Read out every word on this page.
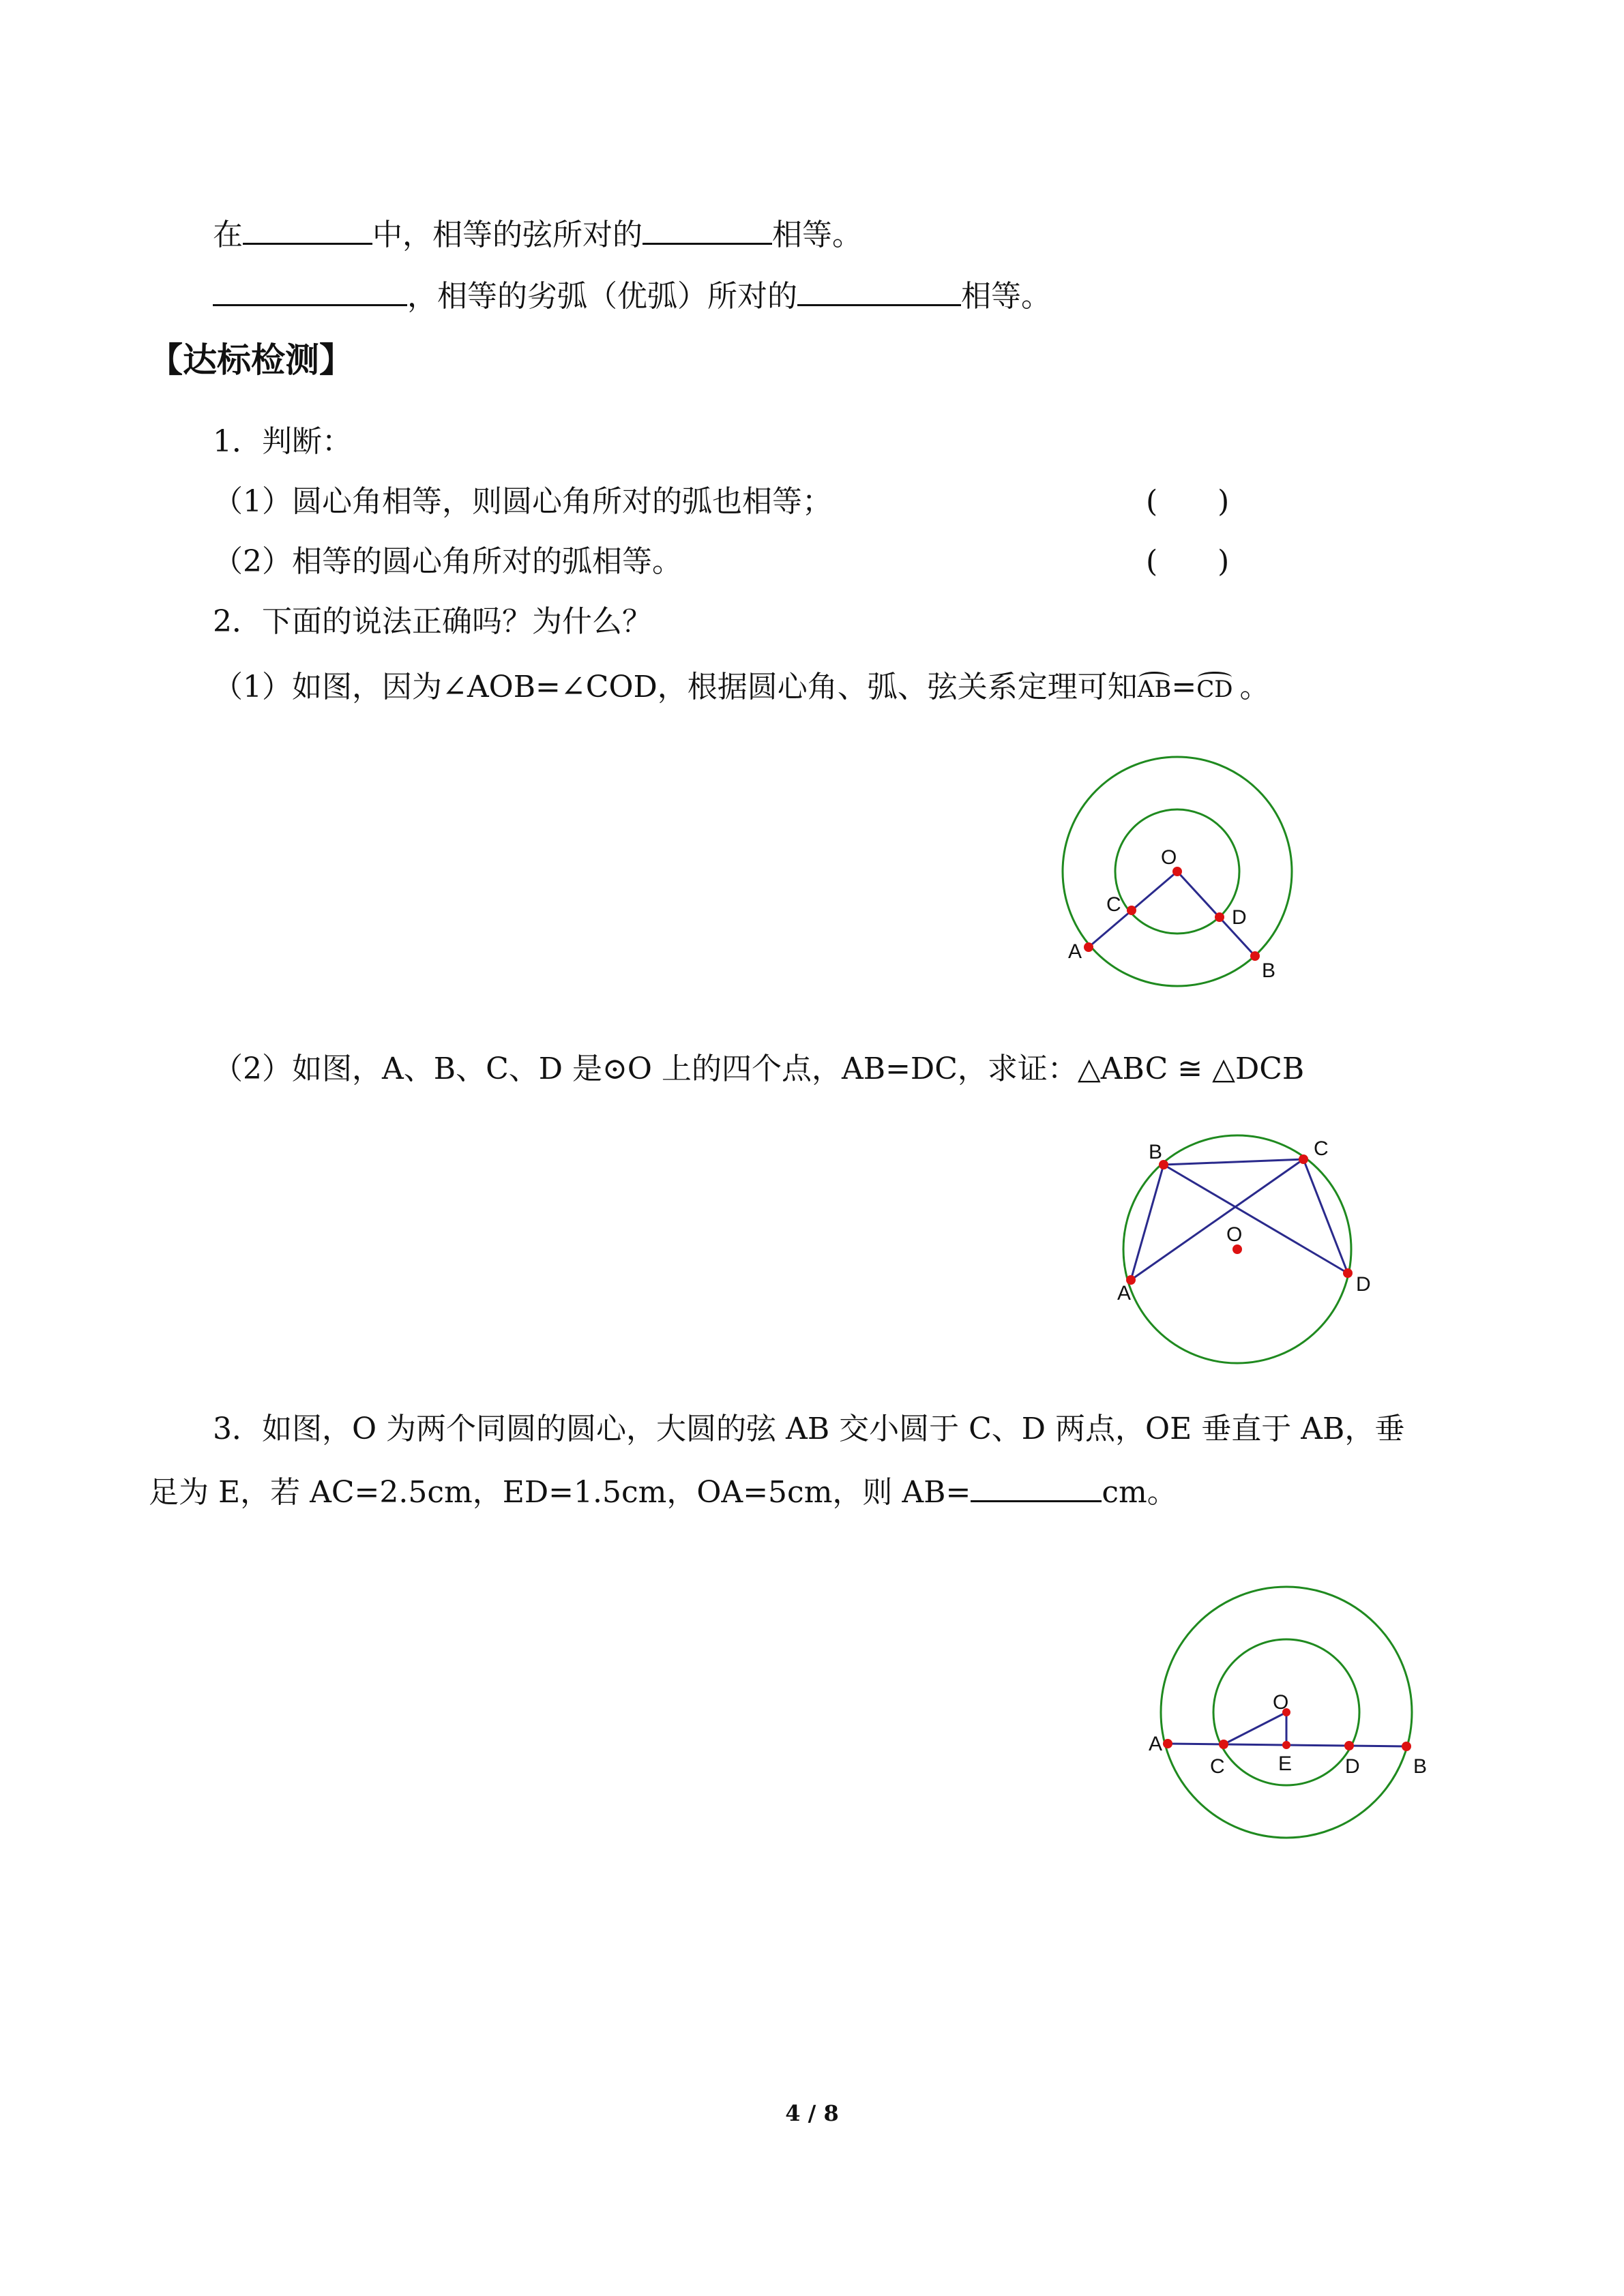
在	中，相等的弦所对的	相等。
，相等的劣弧（优弧）所对的	相等。
【达标检测】
1．判断：
（1）圆心角相等，则圆心角所对的弧也相等；	(　　)
（2）相等的圆心角所对的弧相等。	(　　)
2．下面的说法正确吗？为什么？
（1）如图，因为∠AOB=∠COD，根据圆心角、弧、弦关系定理可知AB=CD 。
O
C
D
A
B
（2）如图，A、B、C、D 是⊙O 上的四个点，AB=DC，求证：△ABC ≅ △DCB
B	C
O
A	D
3．如图，O 为两个同圆的圆心，大圆的弦 AB 交小圆于 C、D 两点，OE 垂直于 AB，垂
足为 E，若 AC=2.5cm，ED=1.5cm，OA=5cm，则 AB=	cm。
O
A
C	E	D	B
4 / 8
